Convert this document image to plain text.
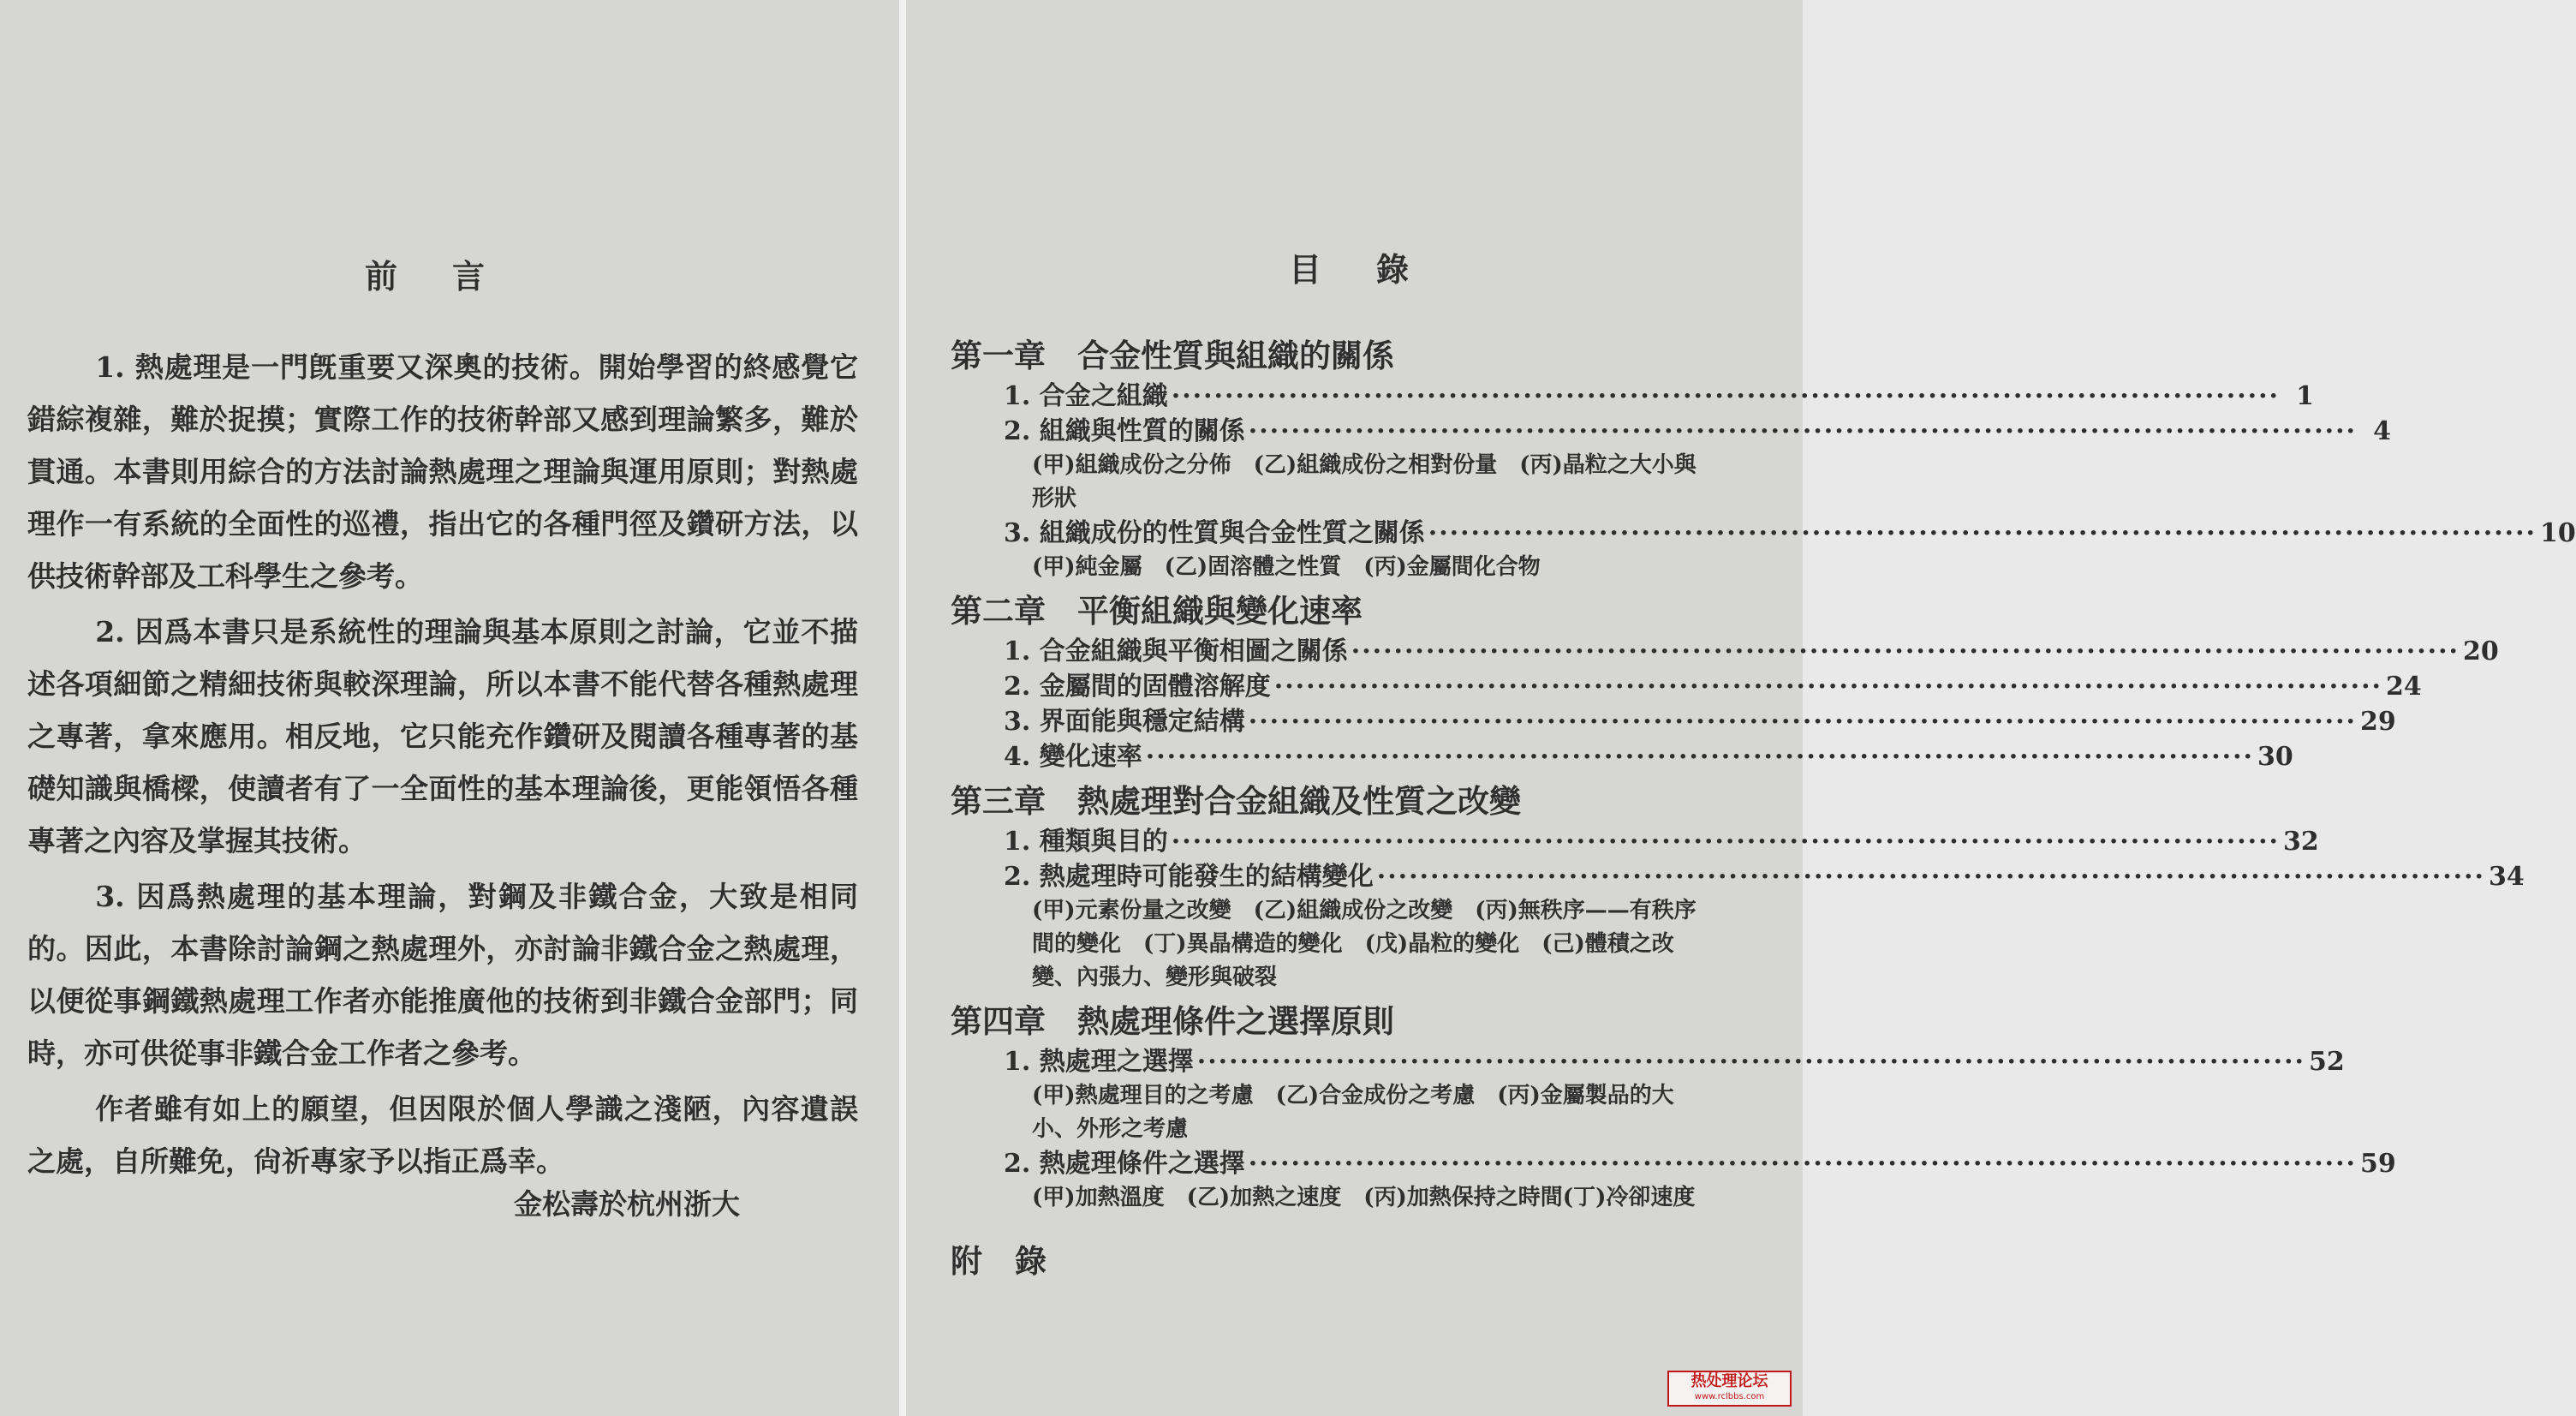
前言

1. 熱處理是一門旣重要又深奧的技術。開始學習的終感覺它錯綜複雜，難於捉摸；實際工作的技術幹部又感到理論繁多，難於貫通。本書則用綜合的方法討論熱處理之理論與運用原則；對熱處理作一有系統的全面性的巡禮，指出它的各種門徑及鑽研方法，以供技術幹部及工科學生之參考。

2. 因爲本書只是系統性的理論與基本原則之討論，它並不描述各項細節之精細技術與較深理論，所以本書不能代替各種熱處理之專著，拿來應用。相反地，它只能充作鑽研及閱讀各種專著的基礎知識與橋樑，使讀者有了一全面性的基本理論後，更能領悟各種專著之內容及掌握其技術。

3. 因爲熱處理的基本理論，對鋼及非鐵合金，大致是相同的。因此，本書除討論鋼之熱處理外，亦討論非鐵合金之熱處理，以便從事鋼鐵熱處理工作者亦能推廣他的技術到非鐵合金部門；同時，亦可供從事非鐵合金工作者之參考。

作者雖有如上的願望，但因限於個人學識之淺陋，內容遺誤之處，自所難免，尙祈專家予以指正爲幸。

金松壽於杭州浙大
目錄
第一章　合金性質與組織的關係
1. 合金之組織 ········································································································ 1
2. 組織與性質的關係 ········································································································ 4
(甲)組織成份之分佈　(乙)組織成份之相對份量　(丙)晶粒之大小與形狀
3. 組織成份的性質與合金性質之關係 ········································································································ 10
(甲)純金屬　(乙)固溶體之性質　(丙)金屬間化合物
第二章　平衡組織與變化速率
1. 合金組織與平衡相圖之關係 ········································································································ 20
2. 金屬間的固體溶解度 ········································································································ 24
3. 界面能與穩定結構 ········································································································ 29
4. 變化速率 ········································································································ 30
第三章　熱處理對合金組織及性質之改變
1. 種類與目的 ········································································································ 32
2. 熱處理時可能發生的結構變化 ········································································································ 34
(甲)元素份量之改變　(乙)組織成份之改變　(丙)無秩序——有秩序間的變化　(丁)異晶構造的變化　(戊)晶粒的變化　(己)體積之改變、內張力、變形與破裂
第四章　熱處理條件之選擇原則
1. 熱處理之選擇 ········································································································ 52
(甲)熱處理目的之考慮　(乙)合金成份之考慮　(丙)金屬製品的大小、外形之考慮
2. 熱處理條件之選擇 ········································································································ 59
(甲)加熱溫度　(乙)加熱之速度　(丙)加熱保持之時間(丁)冷卻速度
附錄
热处理论坛
www.rclbbs.com
